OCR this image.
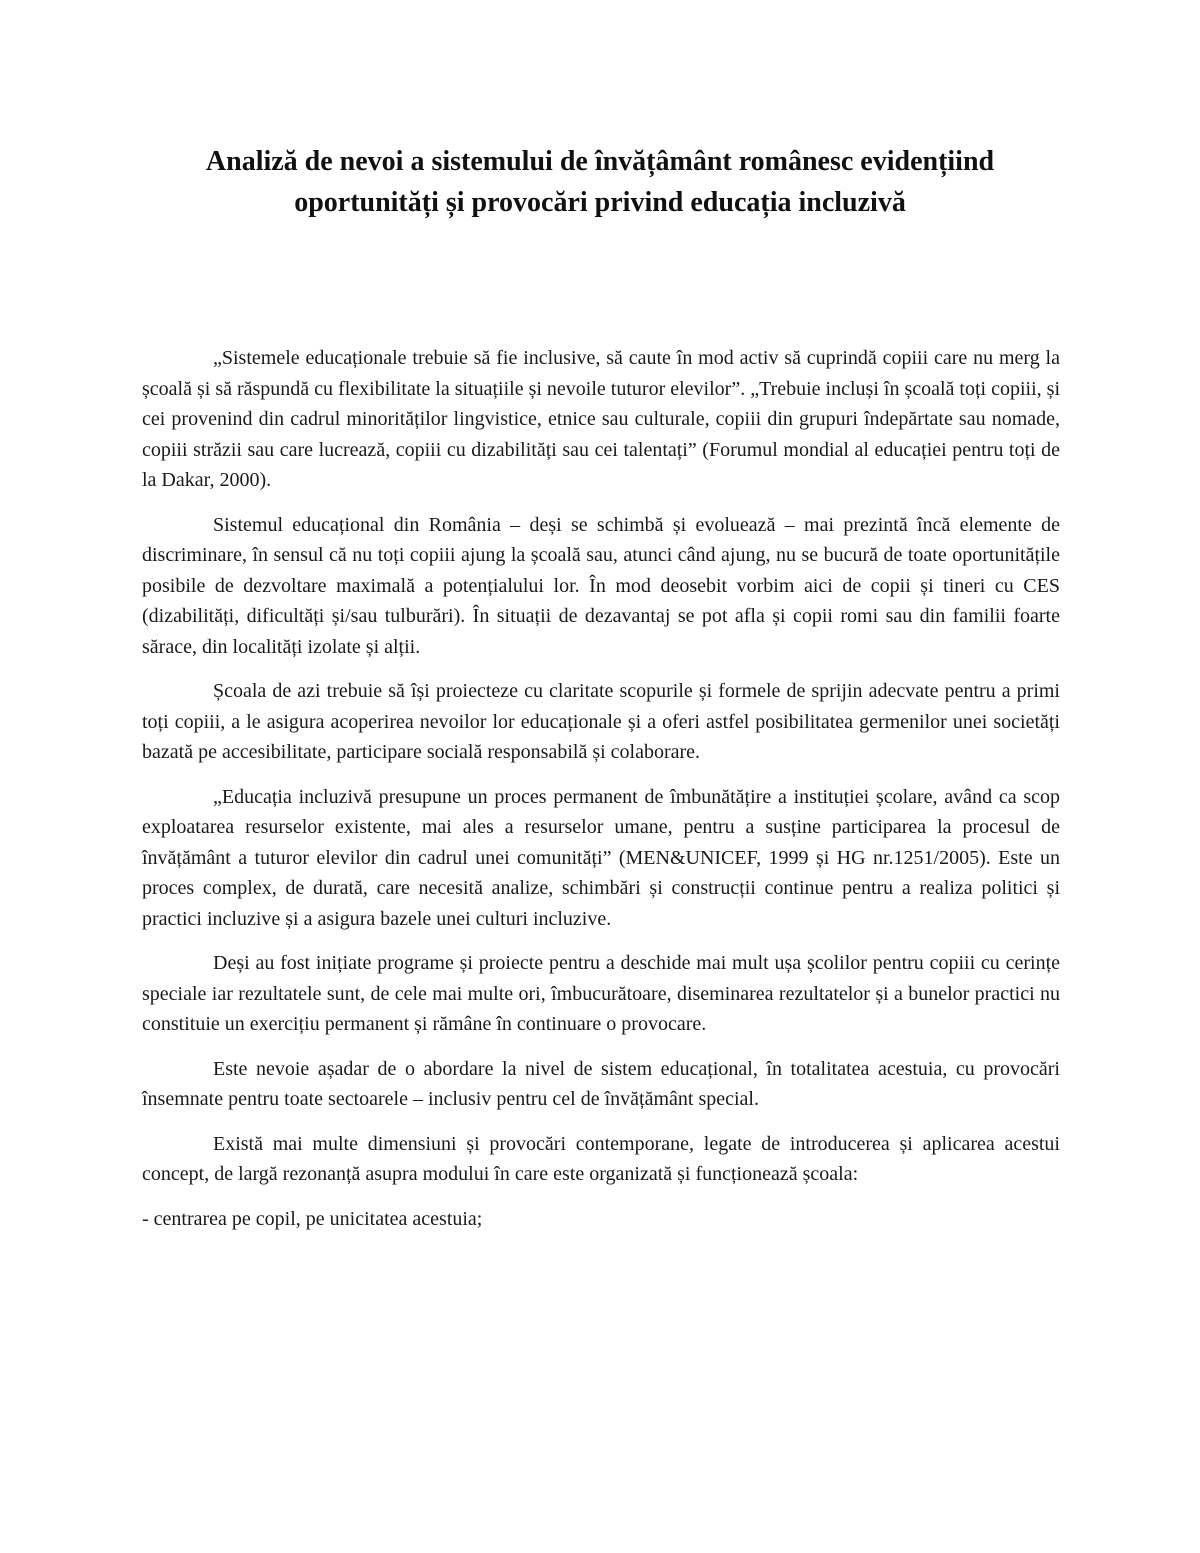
Analiză de nevoi a sistemului de învățâmânt românesc evidențiind oportunități și provocări privind educația incluzivă

„Sistemele educaționale trebuie să fie inclusive, să caute în mod activ să cuprindă copiii care nu merg la școală și să răspundă cu flexibilitate la situațiile și nevoile tuturor elevilor”. „Trebuie incluși în școală toți copiii, și cei provenind din cadrul minorităților lingvistice, etnice sau culturale, copiii din grupuri îndepărtate sau nomade, copiii străzii sau care lucrează, copiii cu dizabilități sau cei talentați” (Forumul mondial al educației pentru toți de la Dakar, 2000).

Sistemul educațional din România – deși se schimbă și evoluează – mai prezintă încă elemente de discriminare, în sensul că nu toți copiii ajung la școală sau, atunci când ajung, nu se bucură de toate oportunitățile posibile de dezvoltare maximală a potențialului lor. În mod deosebit vorbim aici de copii și tineri cu CES (dizabilități, dificultăți și/sau tulburări). În situații de dezavantaj se pot afla și copii romi sau din familii foarte sărace, din localități izolate și alții.

Școala de azi trebuie să își proiecteze cu claritate scopurile și formele de sprijin adecvate pentru a primi toți copiii, a le asigura acoperirea nevoilor lor educaționale și a oferi astfel posibilitatea germenilor unei societăți bazată pe accesibilitate, participare socială responsabilă și colaborare.

„Educația incluzivă presupune un proces permanent de îmbunătățire a instituției școlare, având ca scop exploatarea resurselor existente, mai ales a resurselor umane, pentru a susține participarea la procesul de învățământ a tuturor elevilor din cadrul unei comunități” (MEN&UNICEF, 1999 și HG nr.1251/2005). Este un proces complex, de durată, care necesită analize, schimbări și construcții continue pentru a realiza politici și practici incluzive și a asigura bazele unei culturi incluzive.

Deși au fost inițiate programe și proiecte pentru a deschide mai mult ușa școlilor pentru copiii cu cerințe speciale iar rezultatele sunt, de cele mai multe ori, îmbucurătoare, diseminarea rezultatelor și a bunelor practici nu constituie un exercițiu permanent și rămâne în continuare o provocare.

Este nevoie așadar de o abordare la nivel de sistem educațional, în totalitatea acestuia, cu provocări însemnate pentru toate sectoarele – inclusiv pentru cel de învățământ special.

Există mai multe dimensiuni și provocări contemporane, legate de introducerea și aplicarea acestui concept, de largă rezonanță asupra modului în care este organizată și funcționează școala:

- centrarea pe copil, pe unicitatea acestuia;
